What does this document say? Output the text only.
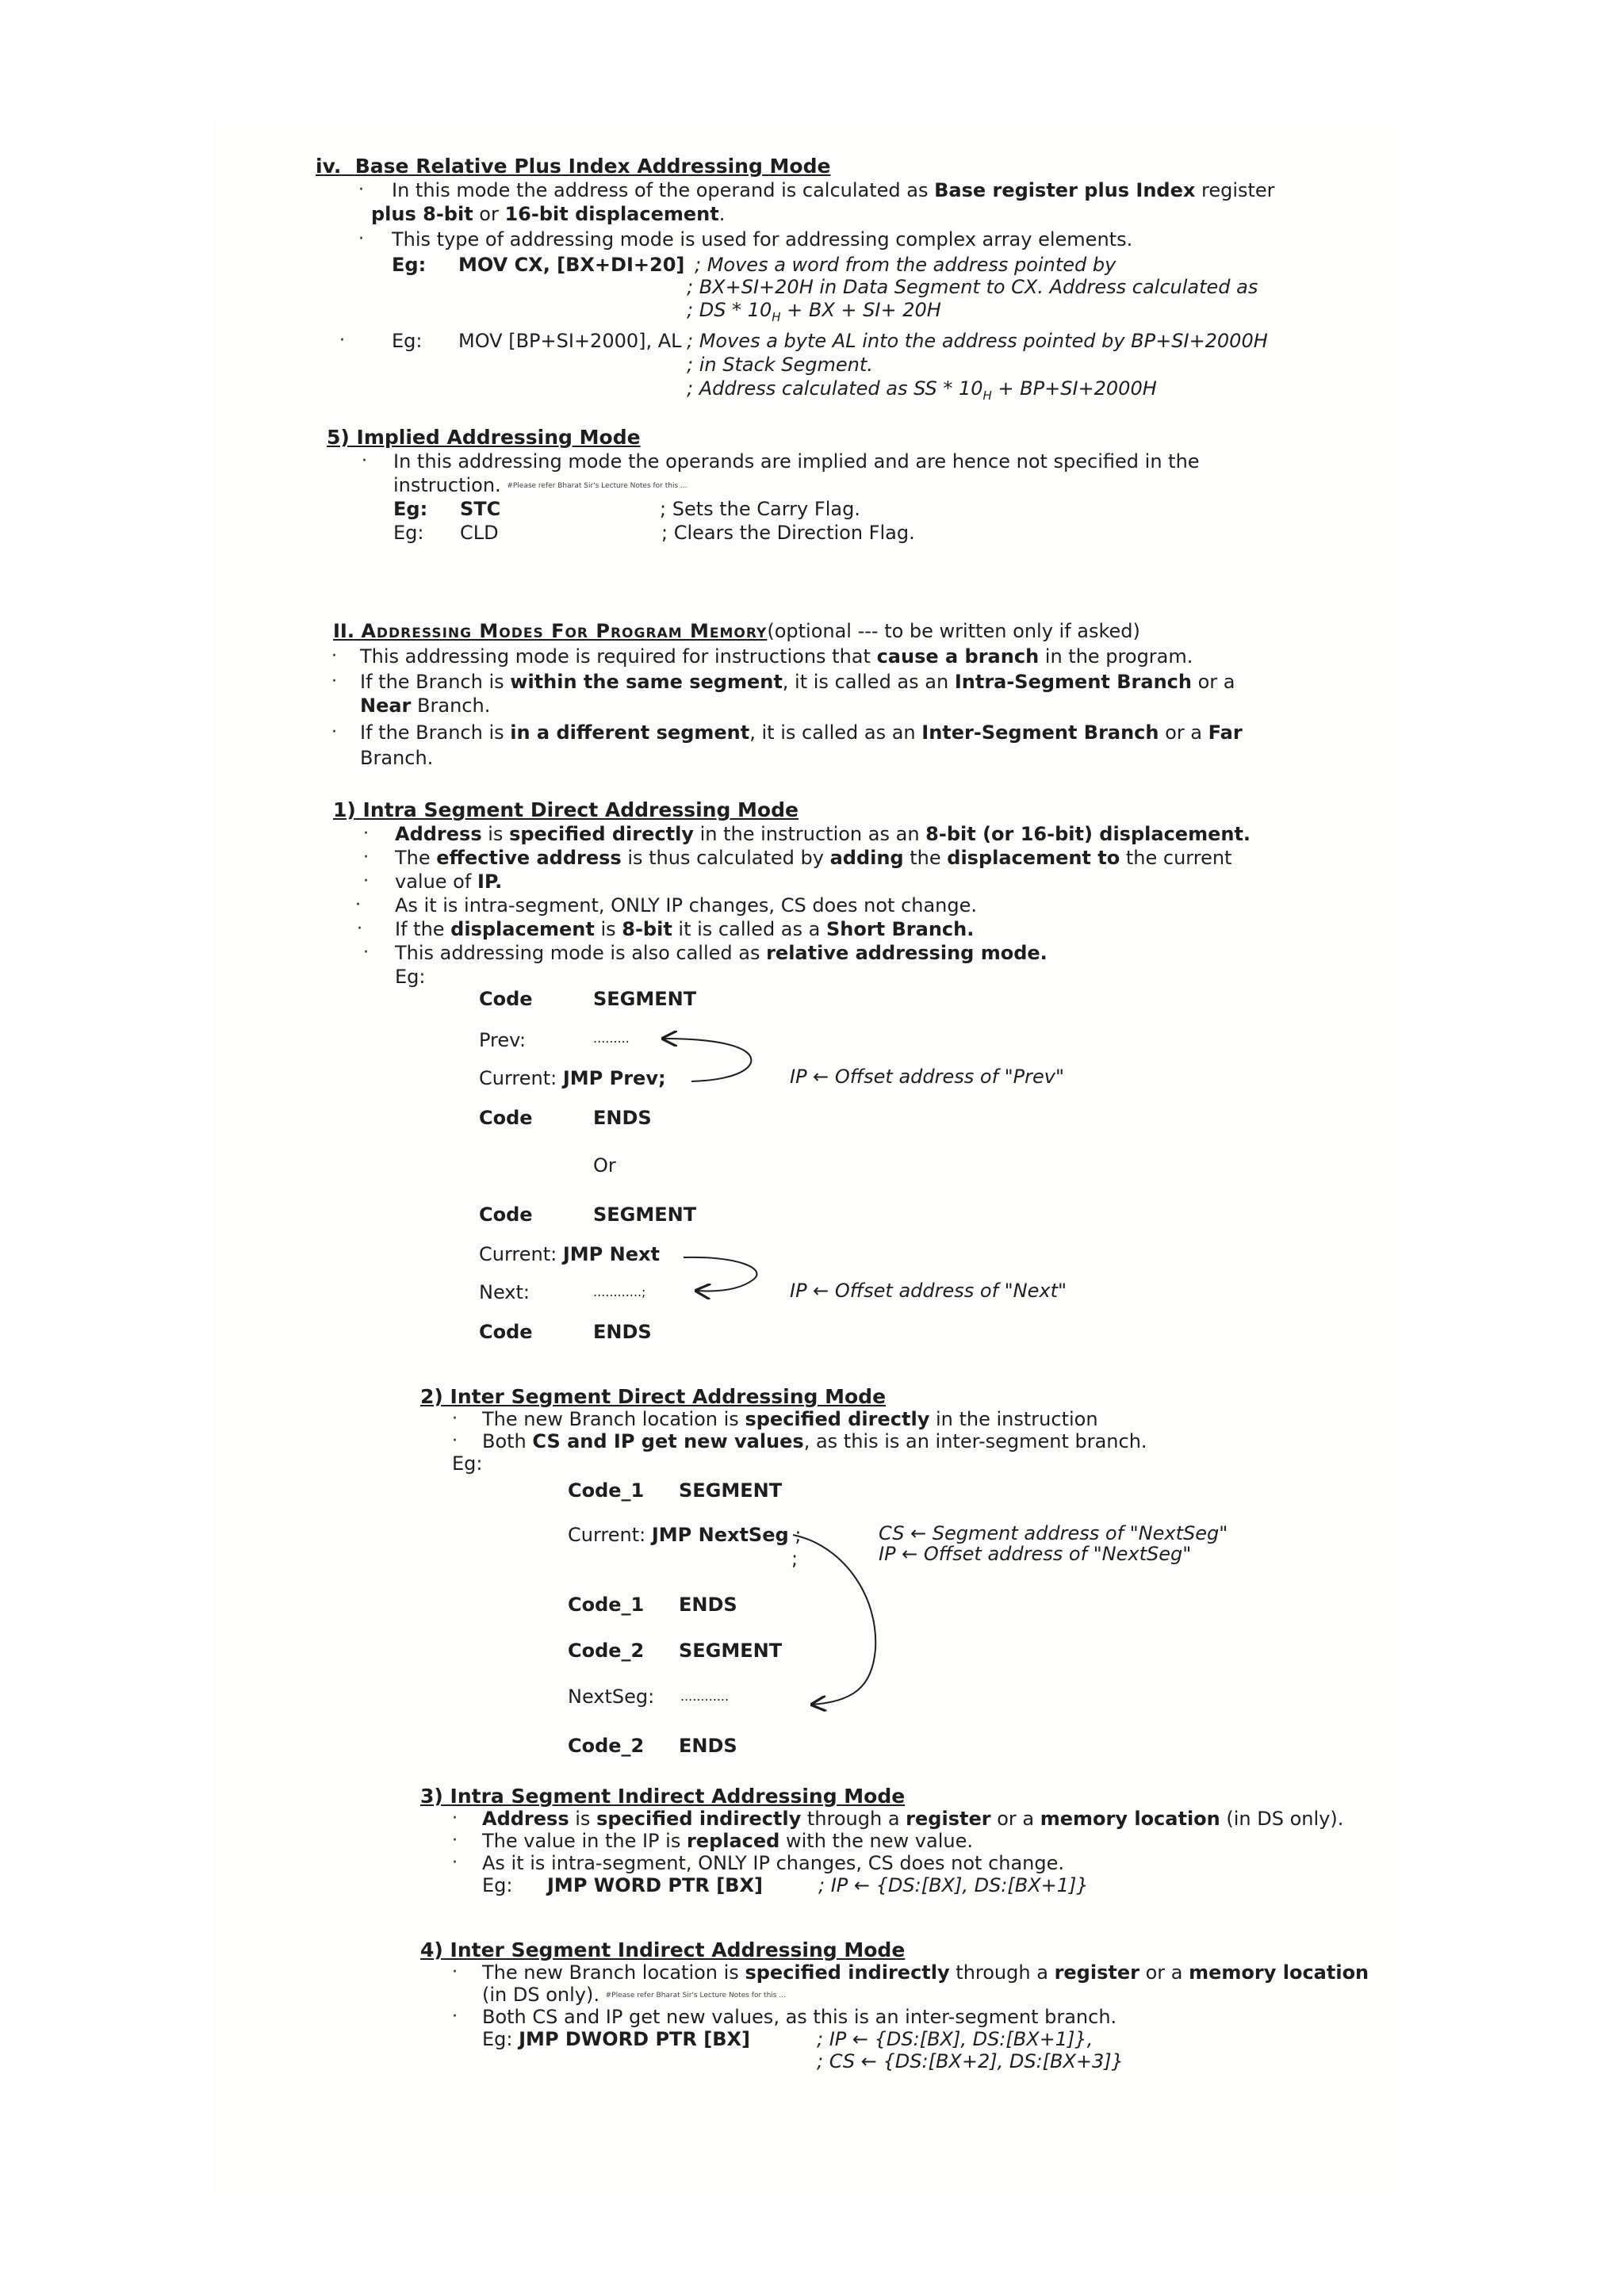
iv. Base Relative Plus Index Addressing Mode
· In this mode the address of the operand is calculated as Base register plus Index register
plus 8-bit or 16-bit displacement.
· This type of addressing mode is used for addressing complex array elements.
Eg: MOV CX, [BX+DI+20] ; Moves a word from the address pointed by
; BX+SI+20H in Data Segment to CX. Address calculated as
; DS * $10_H$ + BX + SI+ 20H
· Eg: MOV [BP+SI+2000], AL ; Moves a byte AL into the address pointed by BP+SI+2000H
; in Stack Segment.
; Address calculated as SS * $10_H + BP+SI+2000H$
5) Implied Addressing Mode
· In this addressing mode the operands are implied and are hence not specified in the
instruction. #Please refer Bharat Sir's Lecture Notes for this ...
Eg: STC	; Sets the Carry Flag.
Eg: CLD	; Clears the Direction Flag.
II. Addressing Modes For Program Memory(optional --- to be written only if asked)
· This addressing mode is required for instructions that cause a branch in the program.
· If the Branch is within the same segment, it is called as an Intra-Segment Branch or a
Near Branch.
· If the Branch is in a different segment, it is called as an Inter-Segment Branch or a Far
Branch.
1) Intra Segment Direct Addressing Mode
· Address is specified directly in the instruction as an 8-bit (or 16-bit) displacement.
· The effective address is thus calculated by adding the displacement to the current
· value of IP.
· As it is intra-segment, ONLY IP changes, CS does not change.
· If the displacement is 8-bit it is called as a Short Branch.
· This addressing mode is also called as relative addressing mode.
Eg:
Code	SEGMENT
Prev:	.........
Current: JMP Prev;	IP ← Offset address of "Prev"
Code	ENDS
Or
Code	SEGMENT
Current: JMP Next
Next:	............;	IP ← Offset address of "Next"
Code	ENDS
2) Inter Segment Direct Addressing Mode
· The new Branch location is specified directly in the instruction
· Both CS and IP get new values, as this is an inter-segment branch.
Eg:
Code_1 SEGMENT
Current: JMP NextSeg ;
;
CS ← Segment address of "NextSeg"
IP ← Offset address of "NextSeg"
Code_1 ENDS
Code_2 SEGMENT
NextSeg: ............
Code_2 ENDS
3) Intra Segment Indirect Addressing Mode
· Address is specified indirectly through a register or a memory location (in DS only).
· The value in the IP is replaced with the new value.
· As it is intra-segment, ONLY IP changes, CS does not change.
Eg: JMP WORD PTR [BX]	; IP ← {DS:[BX], DS:[BX+1]}
4) Inter Segment Indirect Addressing Mode
· The new Branch location is specified indirectly through a register or a memory location
(in DS only). #Please refer Bharat Sir's Lecture Notes for this ...
· Both CS and IP get new values, as this is an inter-segment branch.
Eg: JMP DWORD PTR [BX]	; IP ← {DS:[BX], DS:[BX+1]},
; CS ← {DS:[BX+2], DS:[BX+3]}
